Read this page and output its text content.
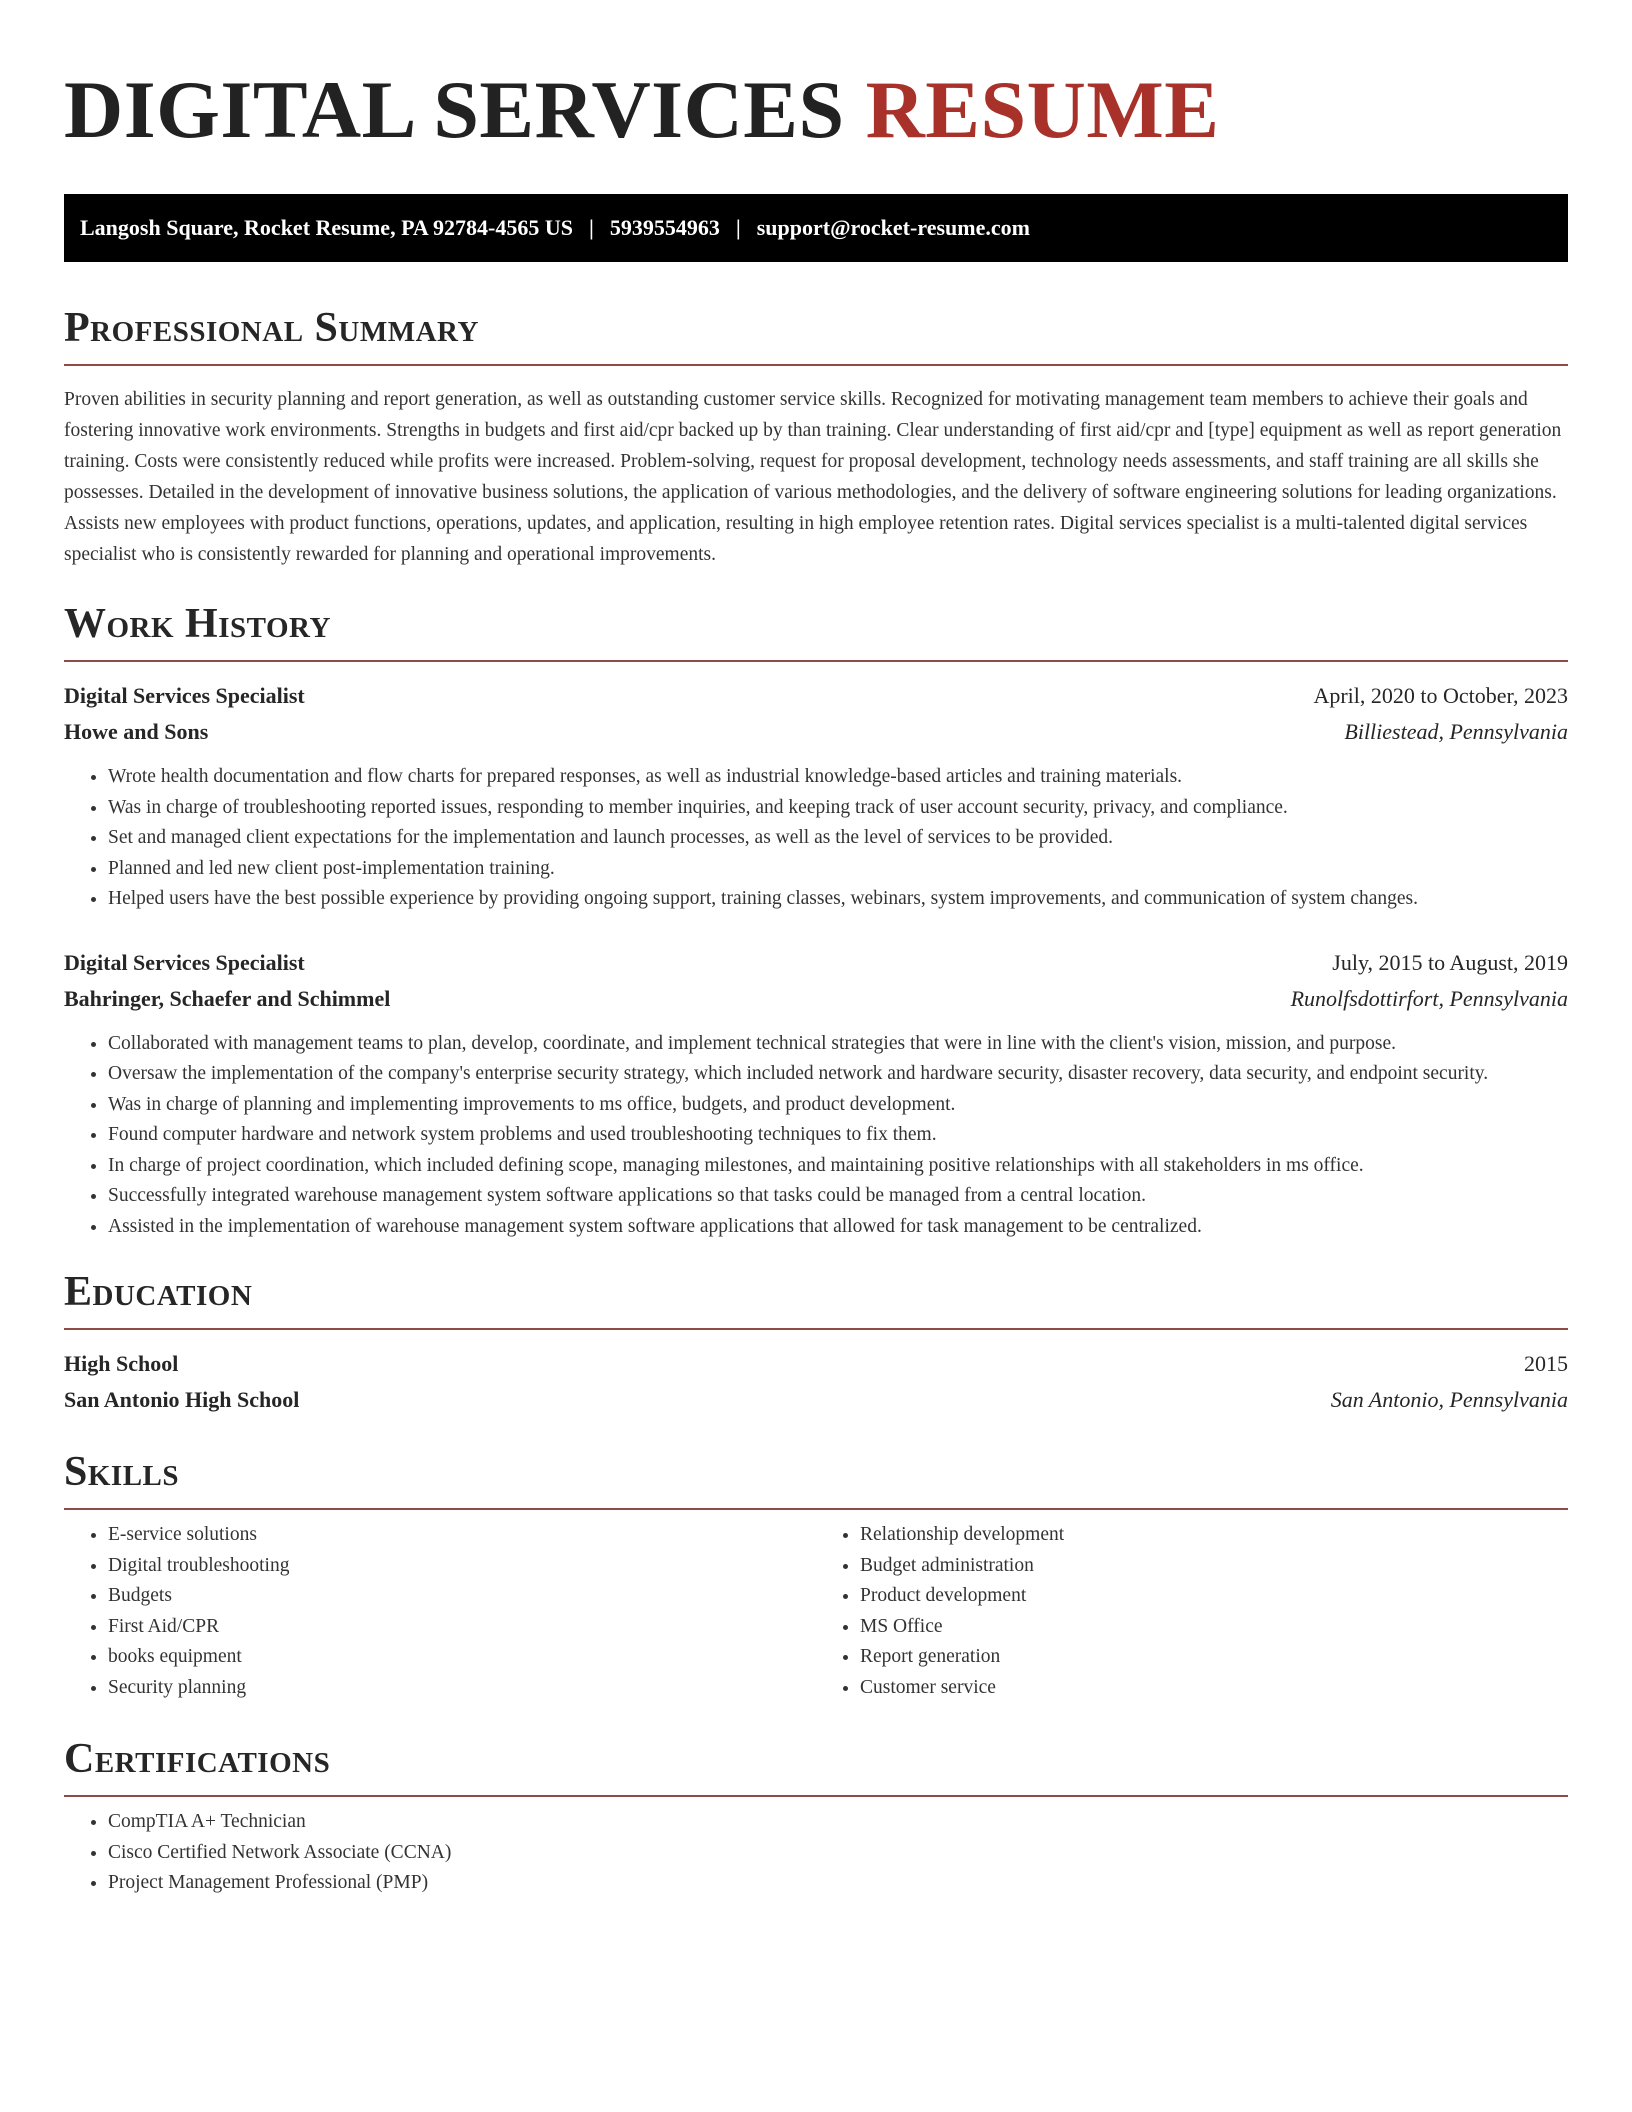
DIGITAL SERVICES RESUME
Langosh Square, Rocket Resume, PA 92784-4565 US | 5939554963 | support@rocket-resume.com
Professional Summary

Proven abilities in security planning and report generation, as well as outstanding customer service skills. Recognized for motivating management team members to achieve their goals and fostering innovative work environments. Strengths in budgets and first aid/cpr backed up by than training. Clear understanding of first aid/cpr and [type] equipment as well as report generation training. Costs were consistently reduced while profits were increased. Problem-solving, request for proposal development, technology needs assessments, and staff training are all skills she possesses. Detailed in the development of innovative business solutions, the application of various methodologies, and the delivery of software engineering solutions for leading organizations. Assists new employees with product functions, operations, updates, and application, resulting in high employee retention rates. Digital services specialist is a multi-talented digital services specialist who is consistently rewarded for planning and operational improvements.

Work History
Digital Services Specialist	April, 2020 to October, 2023
Howe and Sons	Billiestead, Pennsylvania
• Wrote health documentation and flow charts for prepared responses, as well as industrial knowledge-based articles and training materials.
• Was in charge of troubleshooting reported issues, responding to member inquiries, and keeping track of user account security, privacy, and compliance.
• Set and managed client expectations for the implementation and launch processes, as well as the level of services to be provided.
• Planned and led new client post-implementation training.
• Helped users have the best possible experience by providing ongoing support, training classes, webinars, system improvements, and communication of system changes.
Digital Services Specialist	July, 2015 to August, 2019
Bahringer, Schaefer and Schimmel	Runolfsdottirfort, Pennsylvania
• Collaborated with management teams to plan, develop, coordinate, and implement technical strategies that were in line with the client's vision, mission, and purpose.
• Oversaw the implementation of the company's enterprise security strategy, which included network and hardware security, disaster recovery, data security, and endpoint security.
• Was in charge of planning and implementing improvements to ms office, budgets, and product development.
• Found computer hardware and network system problems and used troubleshooting techniques to fix them.
• In charge of project coordination, which included defining scope, managing milestones, and maintaining positive relationships with all stakeholders in ms office.
• Successfully integrated warehouse management system software applications so that tasks could be managed from a central location.
• Assisted in the implementation of warehouse management system software applications that allowed for task management to be centralized.
Education
High School	2015
San Antonio High School	San Antonio, Pennsylvania
Skills
• E-service solutions
• Digital troubleshooting
• Budgets
• First Aid/CPR
• books equipment
• Security planning
• Relationship development
• Budget administration
• Product development
• MS Office
• Report generation
• Customer service
Certifications
• CompTIA A+ Technician
• Cisco Certified Network Associate (CCNA)
• Project Management Professional (PMP)
